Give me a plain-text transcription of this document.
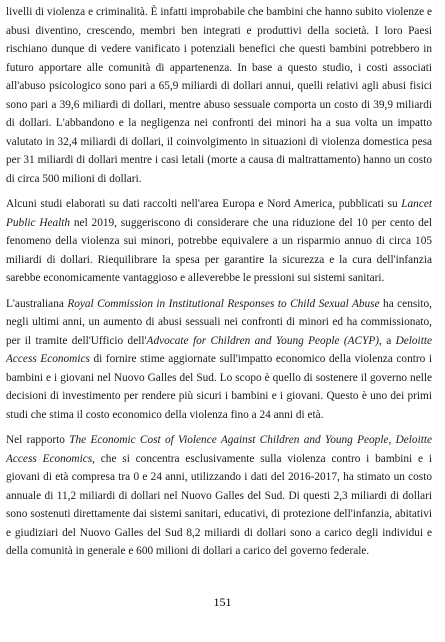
livelli di violenza e criminalità. È infatti improbabile che bambini che hanno subito violenze e abusi diventino, crescendo, membri ben integrati e produttivi della società. I loro Paesi rischiano dunque di vedere vanificato i potenziali benefici che questi bambini potrebbero in futuro apportare alle comunità di appartenenza. In base a questo studio, i costi associati all'abuso psicologico sono pari a 65,9 miliardi di dollari annui, quelli relativi agli abusi fisici sono pari a 39,6 miliardi di dollari, mentre abuso sessuale comporta un costo di 39,9 miliardi di dollari. L'abbandono e la negligenza nei confronti dei minori ha a sua volta un impatto valutato in 32,4 miliardi di dollari, il coinvolgimento in situazioni di violenza domestica pesa per 31 miliardi di dollari mentre i casi letali (morte a causa di maltrattamento) hanno un costo di circa 500 milioni di dollari.

Alcuni studi elaborati su dati raccolti nell'area Europa e Nord America, pubblicati su Lancet Public Health nel 2019, suggeriscono di considerare che una riduzione del 10 per cento del fenomeno della violenza sui minori, potrebbe equivalere a un risparmio annuo di circa 105 miliardi di dollari. Riequilibrare la spesa per garantire la sicurezza e la cura dell'infanzia sarebbe economicamente vantaggioso e alleverebbe le pressioni sui sistemi sanitari.

L'australiana Royal Commission in Institutional Responses to Child Sexual Abuse ha censito, negli ultimi anni, un aumento di abusi sessuali nei confronti di minori ed ha commissionato, per il tramite dell'Ufficio dell'Advocate for Children and Young People (ACYP), a Deloitte Access Economics di fornire stime aggiornate sull'impatto economico della violenza contro i bambini e i giovani nel Nuovo Galles del Sud. Lo scopo è quello di sostenere il governo nelle decisioni di investimento per rendere più sicuri i bambini e i giovani. Questo è uno dei primi studi che stima il costo economico della violenza fino a 24 anni di età.

Nel rapporto The Economic Cost of Violence Against Children and Young People, Deloitte Access Economics, che si concentra esclusivamente sulla violenza contro i bambini e i giovani di età compresa tra 0 e 24 anni, utilizzando i dati del 2016-2017, ha stimato un costo annuale di 11,2 miliardi di dollari nel Nuovo Galles del Sud. Di questi 2,3 miliardi di dollari sono sostenuti direttamente dai sistemi sanitari, educativi, di protezione dell'infanzia, abitativi e giudiziari del Nuovo Galles del Sud 8,2 miliardi di dollari sono a carico degli individui e della comunità in generale e 600 milioni di dollari a carico del governo federale.

151
